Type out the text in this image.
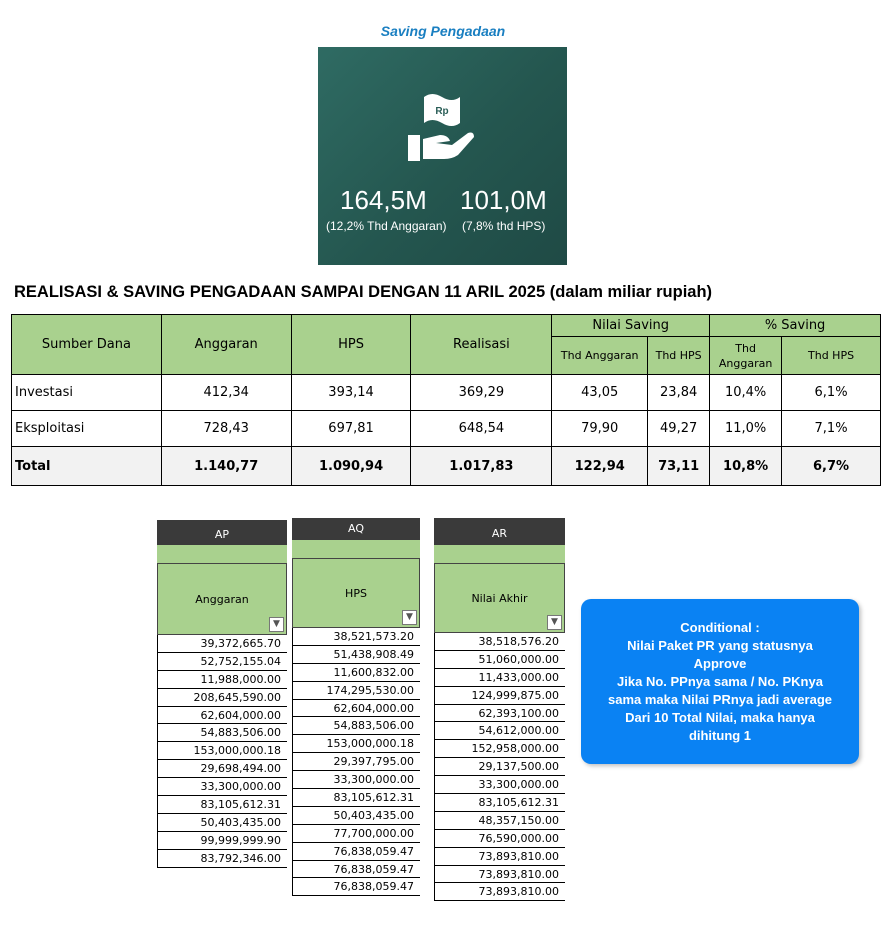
Saving Pengadaan
Rp
164,5M 101,0M
(12,2% Thd Anggaran) (7,8% thd HPS)
REALISASI & SAVING PENGADAAN SAMPAI DENGAN 11 ARIL 2025 (dalam miliar rupiah)
Sumber Dana	Anggaran	HPS	Realisasi	Nilai Saving		% Saving	
				Thd Anggaran	Thd HPS	Thd Anggaran	Thd HPS
Investasi	412,34	393,14	369,29	43,05	23,84	10,4%	6,1%
Eksploitasi	728,43	697,81	648,54	79,90	49,27	11,0%	7,1%
Total	1.140,77	1.090,94	1.017,83	122,94	73,11	10,8%	6,7%
AP
Anggaran
▼
39,372,665.70
52,752,155.04
11,988,000.00
208,645,590.00
62,604,000.00
54,883,506.00
153,000,000.18
29,698,494.00
33,300,000.00
83,105,612.31
50,403,435.00
99,999,999.90
83,792,346.00
AQ
HPS
▼
38,521,573.20
51,438,908.49
11,600,832.00
174,295,530.00
62,604,000.00
54,883,506.00
153,000,000.18
29,397,795.00
33,300,000.00
83,105,612.31
50,403,435.00
77,700,000.00
76,838,059.47
76,838,059.47
76,838,059.47
AR
Nilai Akhir
▼
38,518,576.20
51,060,000.00
11,433,000.00
124,999,875.00
62,393,100.00
54,612,000.00
152,958,000.00
29,137,500.00
33,300,000.00
83,105,612.31
48,357,150.00
76,590,000.00
73,893,810.00
73,893,810.00
73,893,810.00
Conditional :
Nilai Paket PR yang statusnya
Approve
Jika No. PPnya sama / No. PKnya
sama maka Nilai PRnya jadi average
Dari 10 Total Nilai, maka hanya
dihitung 1
